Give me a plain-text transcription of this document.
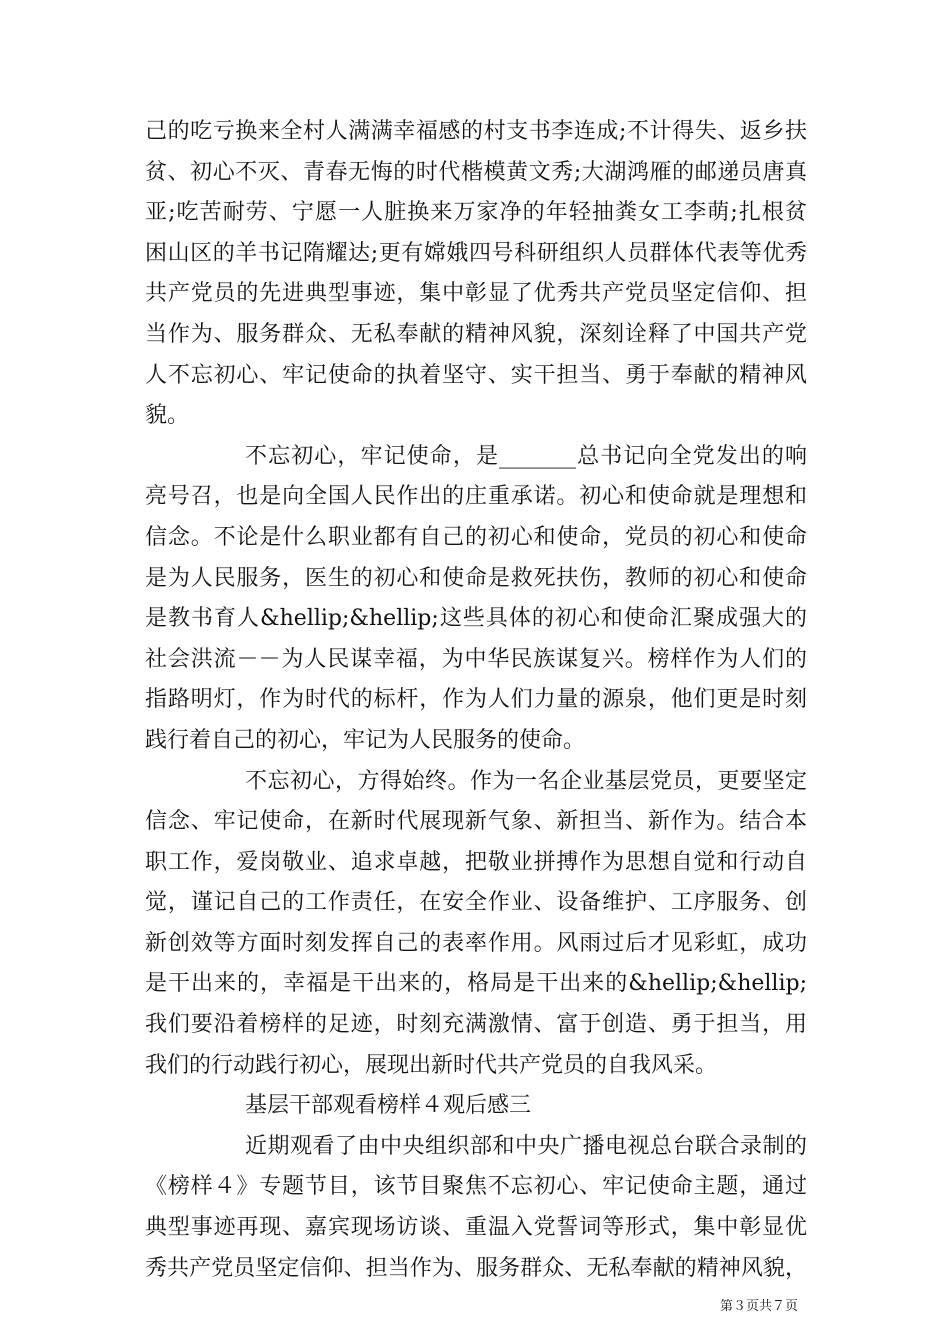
己的吃亏换来全村人满满幸福感的村支书李连成;不计得失、返乡扶
贫、初心不灭、青春无悔的时代楷模黄文秀;大湖鸿雁的邮递员唐真
亚;吃苦耐劳、宁愿一人脏换来万家净的年轻抽粪女工李萌;扎根贫
困山区的羊书记隋耀达;更有嫦娥四号科研组织人员群体代表等优秀
共产党员的先进典型事迹，集中彰显了优秀共产党员坚定信仰、担
当作为、服务群众、无私奉献的精神风貌，深刻诠释了中国共产党
人不忘初心、牢记使命的执着坚守、实干担当、勇于奉献的精神风
貌。
不忘初心，牢记使命，是_______总书记向全党发出的响
亮号召，也是向全国人民作出的庄重承诺。初心和使命就是理想和
信念。不论是什么职业都有自己的初心和使命，党员的初心和使命
是为人民服务，医生的初心和使命是救死扶伤，教师的初心和使命
是教书育人&hellip;&hellip;这些具体的初心和使命汇聚成强大的
社会洪流－－为人民谋幸福，为中华民族谋复兴。榜样作为人们的
指路明灯，作为时代的标杆，作为人们力量的源泉，他们更是时刻
践行着自己的初心，牢记为人民服务的使命。
不忘初心，方得始终。作为一名企业基层党员，更要坚定
信念、牢记使命，在新时代展现新气象、新担当、新作为。结合本
职工作，爱岗敬业、追求卓越，把敬业拼搏作为思想自觉和行动自
觉，谨记自己的工作责任，在安全作业、设备维护、工序服务、创
新创效等方面时刻发挥自己的表率作用。风雨过后才见彩虹，成功
是干出来的，幸福是干出来的，格局是干出来的&hellip;&hellip;
我们要沿着榜样的足迹，时刻充满激情、富于创造、勇于担当，用
我们的行动践行初心，展现出新时代共产党员的自我风采。
基层干部观看榜样４观后感三
近期观看了由中央组织部和中央广播电视总台联合录制的
《榜样４》专题节目，该节目聚焦不忘初心、牢记使命主题，通过
典型事迹再现、嘉宾现场访谈、重温入党誓词等形式，集中彰显优
秀共产党员坚定信仰、担当作为、服务群众、无私奉献的精神风貌，
第３页共７页
